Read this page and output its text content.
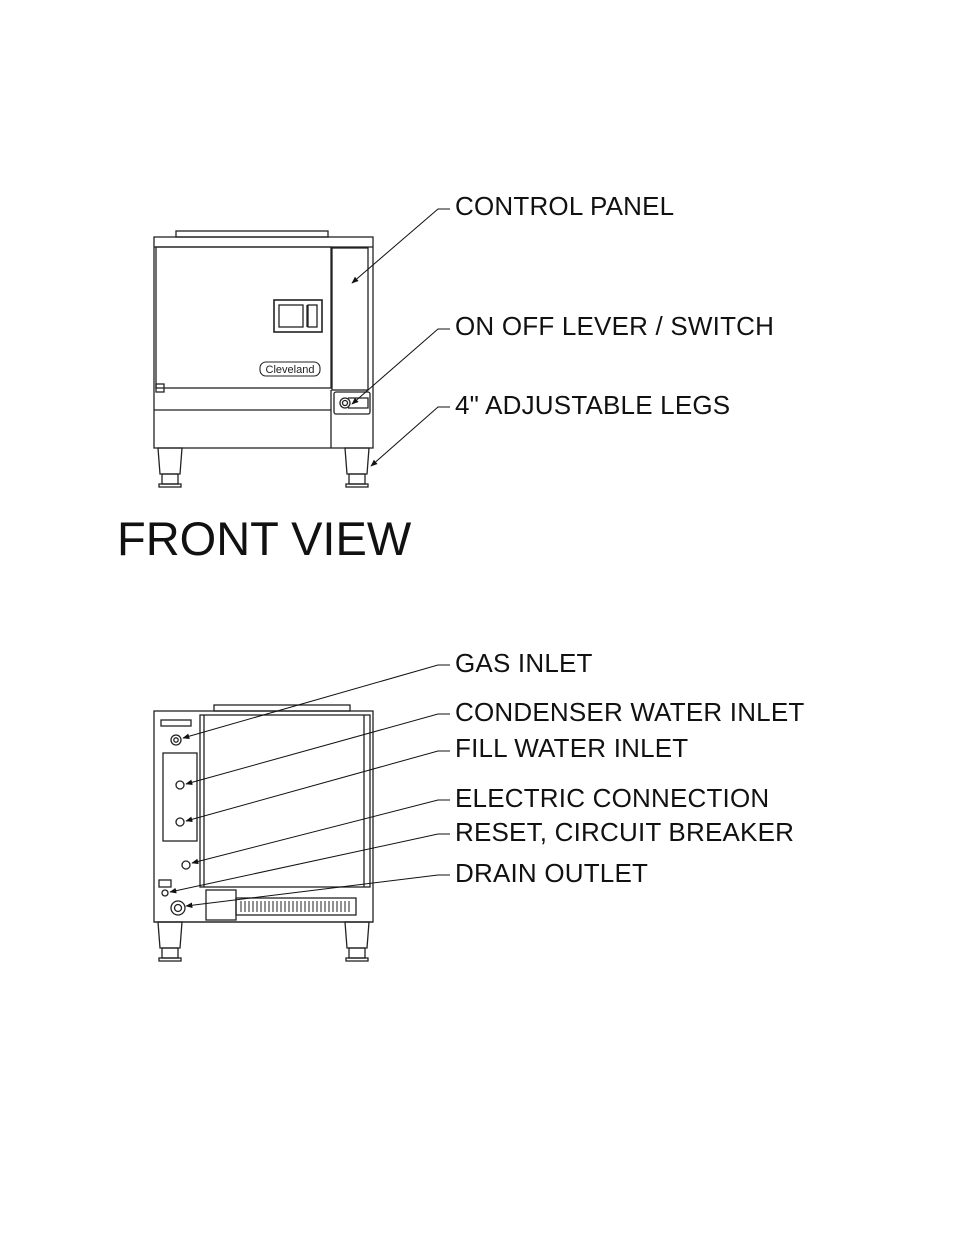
Cleveland
CONTROL PANEL
ON OFF LEVER / SWITCH
4" ADJUSTABLE LEGS
FRONT VIEW
GAS INLET
CONDENSER WATER INLET
FILL WATER INLET
ELECTRIC CONNECTION
RESET, CIRCUIT BREAKER
DRAIN OUTLET
